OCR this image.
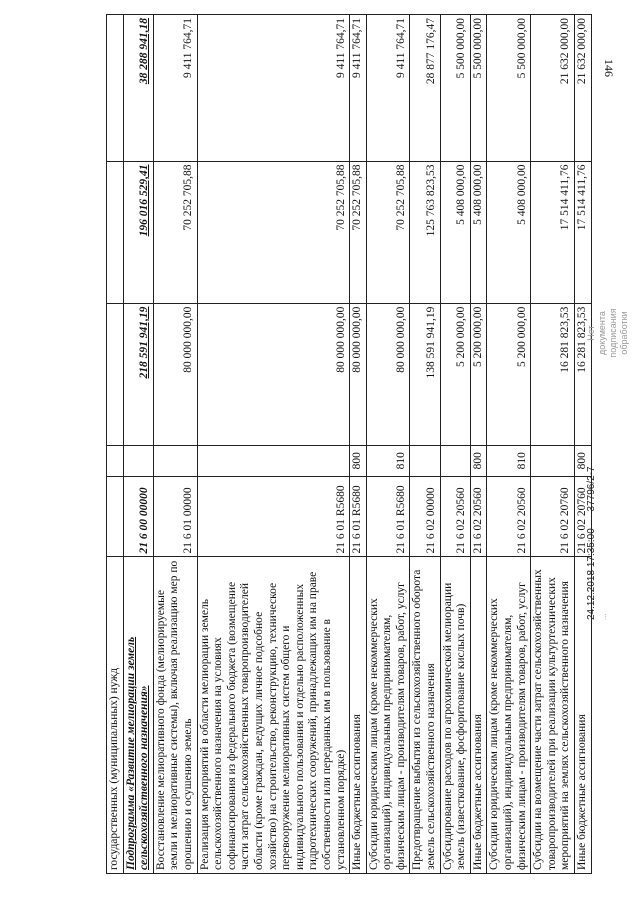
146
государственных (муниципальных) нужд					
Подпрограмма «Развитие мелиорации земель сельскохозяйственного назначения»	21 6 00 00000		218 591 941,19	196 016 529,41	38 288 941,18
Восстановление мелиоративного фонда (мелиорируемые земли и мелиоративные системы), включая реализацию мер по орошению и осушению земель	21 6 01 00000		80 000 000,00	70 252 705,88	9 411 764,71
Реализация мероприятий в области мелиорации земель сельскохозяйственного назначения на условиях софинансирования из федерального бюджета (возмещение части затрат сельскохозяйственных товаропроизводителей области (кроме граждан, ведущих личное подсобное хозяйство) на строительство, реконструкцию, техническое перевооружение мелиоративных систем общего и индивидуального пользования и отдельно расположенных гидротехнических сооружений, принадлежащих им на праве собственности или переданных им в пользование в установленном порядке)	21 6 01 R5680		80 000 000,00	70 252 705,88	9 411 764,71
Иные бюджетные ассигнования	21 6 01 R5680	800	80 000 000,00	70 252 705,88	9 411 764,71
Субсидии юридическим лицам (кроме некоммерческих организаций), индивидуальным предпринимателям, физическим лицам - производителям товаров, работ, услуг	21 6 01 R5680	810	80 000 000,00	70 252 705,88	9 411 764,71
Предотвращение выбытия из сельскохозяйственного оборота земель сельскохозяйственного назначения	21 6 02 00000		138 591 941,19	125 763 823,53	28 877 176,47
Субсидирование расходов по агрохимической мелиорации земель (известкование, фосфоритование кислых почв)	21 6 02 20560		5 200 000,00	5 408 000,00	5 500 000,00
Иные бюджетные ассигнования	21 6 02 20560	800	5 200 000,00	5 408 000,00	5 500 000,00
Субсидии юридическим лицам (кроме некоммерческих организаций), индивидуальным предпринимателям, физическим лицам - производителям товаров, работ, услуг	21 6 02 20560	810	5 200 000,00	5 408 000,00	5 500 000,00
Субсидии на возмещение части затрат сельскохозяйственных товаропроизводителей при реализации культуртехнических мероприятий на землях сельскохозяйственного назначения	21 6 02 20760		16 281 823,53	17 514 411,76	21 632 000,00
Иные бюджетные ассигнования	21 6 02 20760	800	16 281 823,53	17 514 411,76	21 632 000,00
Нет документа подписания обработки
24.12.2018 17:35:00 37796/2-7
...
